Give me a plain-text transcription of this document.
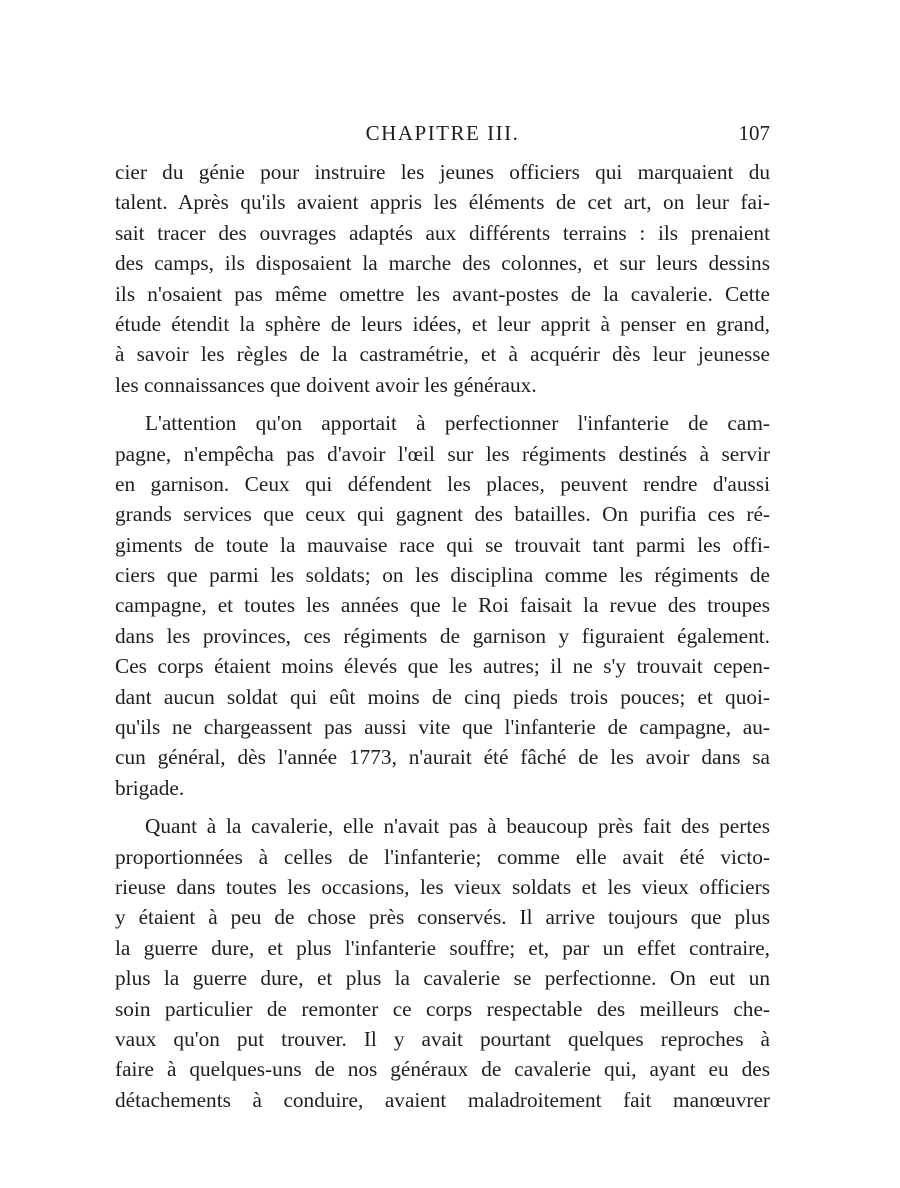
CHAPITRE III.	107
cier du génie pour instruire les jeunes officiers qui marquaient du
talent. Après qu'ils avaient appris les éléments de cet art, on leur fai-
sait tracer des ouvrages adaptés aux différents terrains : ils prenaient
des camps, ils disposaient la marche des colonnes, et sur leurs dessins
ils n'osaient pas même omettre les avant-postes de la cavalerie. Cette
étude étendit la sphère de leurs idées, et leur apprit à penser en grand,
à savoir les règles de la castramétrie, et à acquérir dès leur jeunesse
les connaissances que doivent avoir les généraux.
L'attention qu'on apportait à perfectionner l'infanterie de cam-
pagne, n'empêcha pas d'avoir l'œil sur les régiments destinés à servir
en garnison. Ceux qui défendent les places, peuvent rendre d'aussi
grands services que ceux qui gagnent des batailles. On purifia ces ré-
giments de toute la mauvaise race qui se trouvait tant parmi les offi-
ciers que parmi les soldats; on les disciplina comme les régiments de
campagne, et toutes les années que le Roi faisait la revue des troupes
dans les provinces, ces régiments de garnison y figuraient également.
Ces corps étaient moins élevés que les autres; il ne s'y trouvait cepen-
dant aucun soldat qui eût moins de cinq pieds trois pouces; et quoi-
qu'ils ne chargeassent pas aussi vite que l'infanterie de campagne, au-
cun général, dès l'année 1773, n'aurait été fâché de les avoir dans sa
brigade.
Quant à la cavalerie, elle n'avait pas à beaucoup près fait des pertes
proportionnées à celles de l'infanterie; comme elle avait été victo-
rieuse dans toutes les occasions, les vieux soldats et les vieux officiers
y étaient à peu de chose près conservés. Il arrive toujours que plus
la guerre dure, et plus l'infanterie souffre; et, par un effet contraire,
plus la guerre dure, et plus la cavalerie se perfectionne. On eut un
soin particulier de remonter ce corps respectable des meilleurs che-
vaux qu'on put trouver. Il y avait pourtant quelques reproches à
faire à quelques-uns de nos généraux de cavalerie qui, ayant eu des
détachements à conduire, avaient maladroitement fait manœuvrer
